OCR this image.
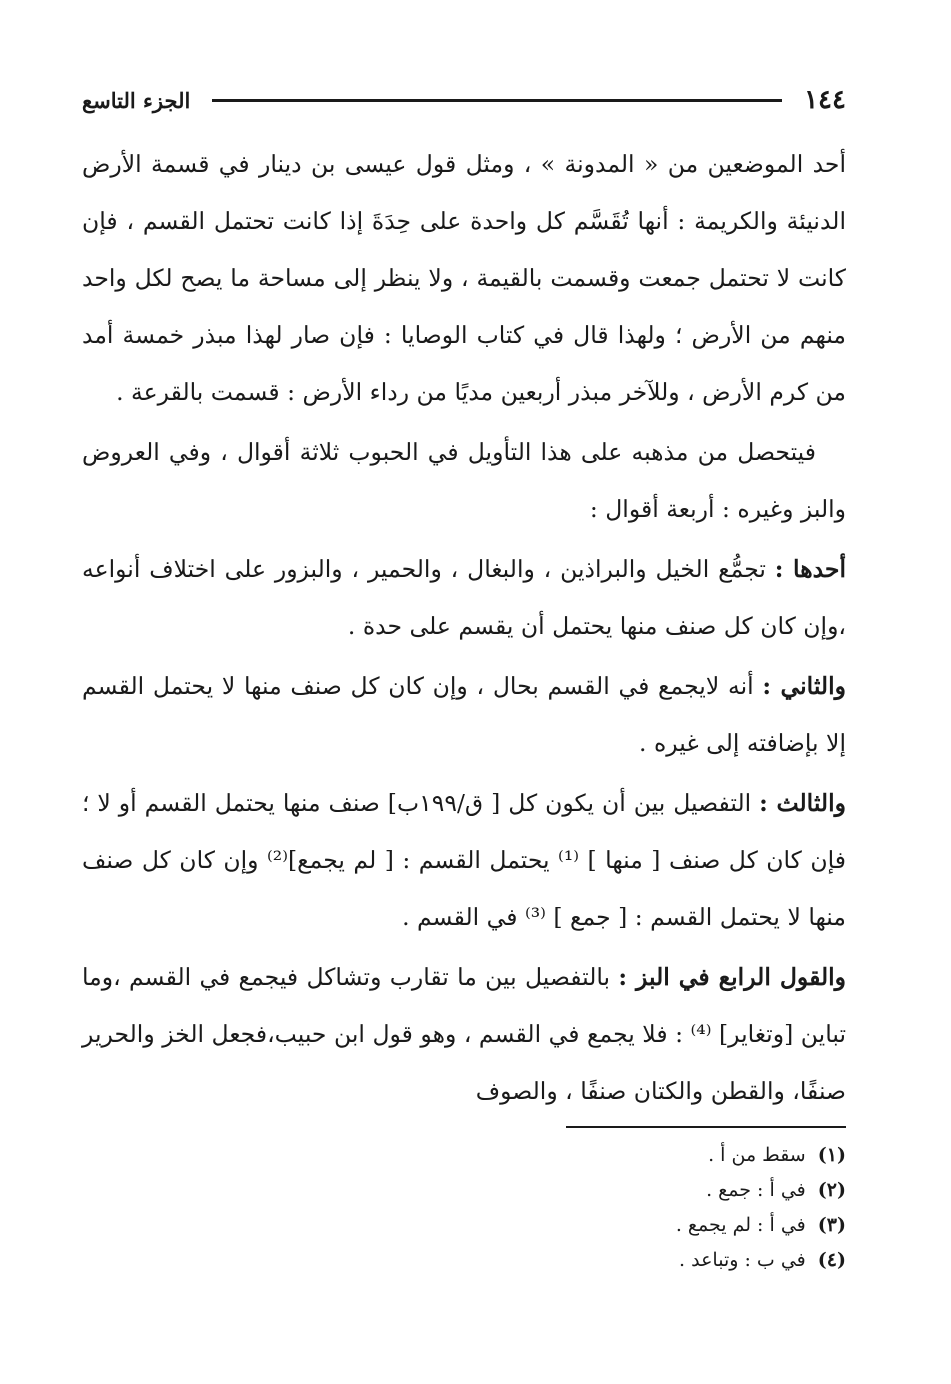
١٤٤
الجزء التاسع

أحد الموضعين من « المدونة » ، ومثل قول عيسى بن دينار في قسمة الأرض الدنيئة والكريمة : أنها تُقَسَّم كل واحدة على حِدَةَ إذا كانت تحتمل القسم ، فإن كانت لا تحتمل جمعت وقسمت بالقيمة ، ولا ينظر إلى مساحة ما يصح لكل واحد منهم من الأرض ؛ ولهذا قال في كتاب الوصايا : فإن صار لهذا مبذر خمسة أمد من كرم الأرض ، وللآخر مبذر أربعين مديًا من رداء الأرض : قسمت بالقرعة .

فيتحصل من مذهبه على هذا التأويل في الحبوب ثلاثة أقوال ، وفي العروض والبز وغيره : أربعة أقوال :

أحدها : تجمُّع الخيل والبراذين ، والبغال ، والحمير ، والبزور على اختلاف أنواعه ،وإن كان كل صنف منها يحتمل أن يقسم على حدة .

والثاني : أنه لايجمع في القسم بحال ، وإن كان كل صنف منها لا يحتمل القسم إلا بإضافته إلى غيره .

والثالث : التفصيل بين أن يكون كل [ ق/١٩٩ب] صنف منها يحتمل القسم أو لا ؛ فإن كان كل صنف [ منها ] ⁽¹⁾ يحتمل القسم : [ لم يجمع]⁽²⁾ وإن كان كل صنف منها لا يحتمل القسم : [ جمع ] ⁽³⁾ في القسم .

والقول الرابع في البز : بالتفصيل بين ما تقارب وتشاكل فيجمع في القسم ،وما تباين [وتغاير] ⁽⁴⁾ : فلا يجمع في القسم ، وهو قول ابن حبيب،فجعل الخز والحرير صنفًا، والقطن والكتان صنفًا ، والصوف

(١) سقط من أ .

(٢) في أ : جمع .

(٣) في أ : لم يجمع .

(٤) في ب : وتباعد .
